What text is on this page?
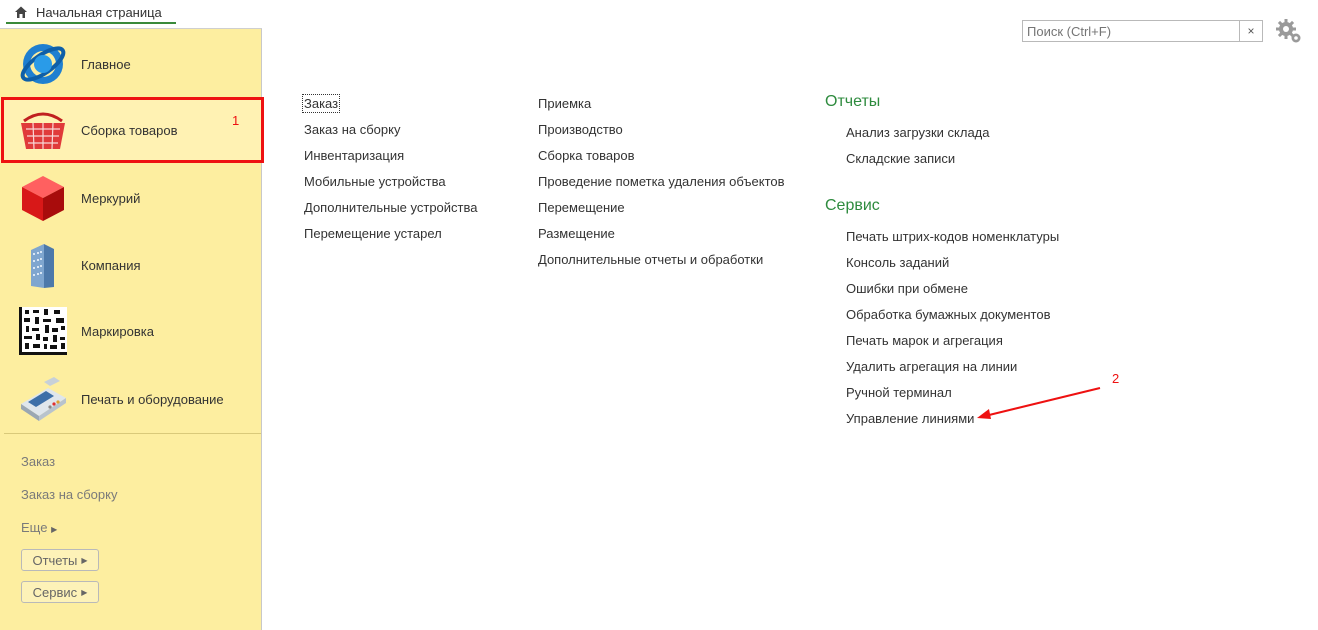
Начальная страница
Главное
Сборка товаров
1
Меркурий
Компания
Маркировка
Печать и оборудование
Заказ
Заказ на сборку
Еще ▶
Отчеты ▶
Сервис ▶
Поиск (Ctrl+F)
×
Заказ
Заказ на сборку
Инвентаризация
Мобильные устройства
Дополнительные устройства
Перемещение устарел
Приемка
Производство
Сборка товаров
Проведение пометка удаления объектов
Перемещение
Размещение
Дополнительные отчеты и обработки
Отчеты
Анализ загрузки склада
Складские записи
Сервис
Печать штрих-кодов номенклатуры
Консоль заданий
Ошибки при обмене
Обработка бумажных документов
Печать марок и агрегация
Удалить агрегация на линии
Ручной терминал
Управление линиями
2
